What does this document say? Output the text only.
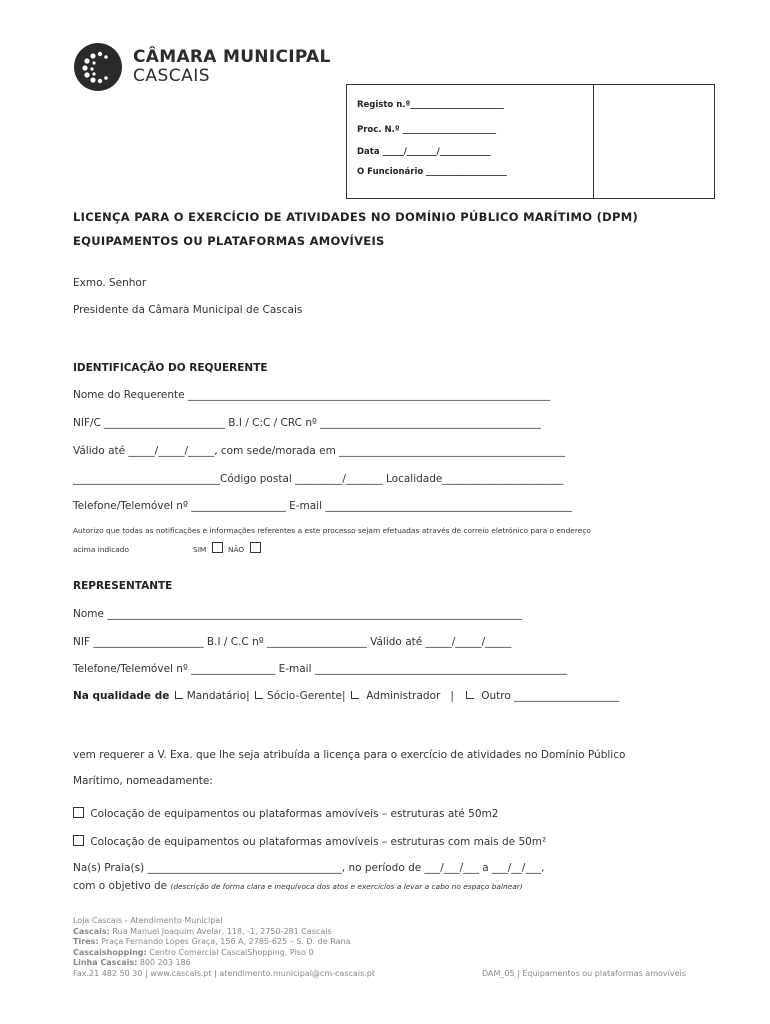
CÂMARA MUNICIPAL
CASCAIS
Registo n.º______________________
Proc. N.º ______________________
Data _____/_______/____________
O Funcionário ___________________
LICENÇA PARA O EXERCÍCIO DE ATIVIDADES NO DOMÍNIO PÚBLICO MARÍTIMO (DPM)
EQUIPAMENTOS OU PLATAFORMAS AMOVÍVEIS
Exmo. Senhor
Presidente da Câmara Municipal de Cascais
IDENTIFICAÇÃO DO REQUERENTE
Nome do Requerente _____________________________________________________________________
NIF/C _______________________ B.I / C:C / CRC nº __________________________________________
Válido até _____/_____/_____, com sede/morada em ___________________________________________
____________________________Código postal _________/_______ Localidade_______________________
Telefone/Telemóvel nº __________________ E-mail _______________________________________________
Autorizo que todas as notificações e informações referentes a este processo sejam efetuadas através de correio eletrónico para o endereço
acima indicado	SIM	NÃO
REPRESENTANTE
Nome _______________________________________________________________________________
NIF _____________________ B.I / C.C nº ___________________ Válido até _____/_____/_____
Telefone/Telemóvel nº ________________ E-mail ________________________________________________
Na qualidade de Mandatário| Sócio-Gerente| Administrador |	Outro ____________________
vem requerer a V. Exa. que lhe seja atribuída a licença para o exercício de atividades no Domínio Público
Marítimo, nomeadamente:
Colocação de equipamentos ou plataformas amovíveis – estruturas até 50m2
Colocação de equipamentos ou plataformas amovíveis – estruturas com mais de 50m²
Na(s) Praia(s) _____________________________________, no período de ___/___/___ a ___/__/___,
com o objetivo de (descrição de forma clara e inequívoca dos atos e exercícios a levar a cabo no espaço balnear)
Loja Cascais - Atendimento Municipal
Cascais: Rua Manuel Joaquim Avelar, 118, -1, 2750-281 Cascais
Tires: Praça Fernando Lopes Graça, 156 A, 2785-625 – S. D. de Rana
Cascaishopping: Centro Comercial CascaiShopping, Piso 0
Linha Cascais: 800 203 186
Fax.21 482 50 30 | www.cascais.pt | atendimento.municipal@cm-cascais.pt	DAM_05 | Equipamentos ou plataformas amovíveis
